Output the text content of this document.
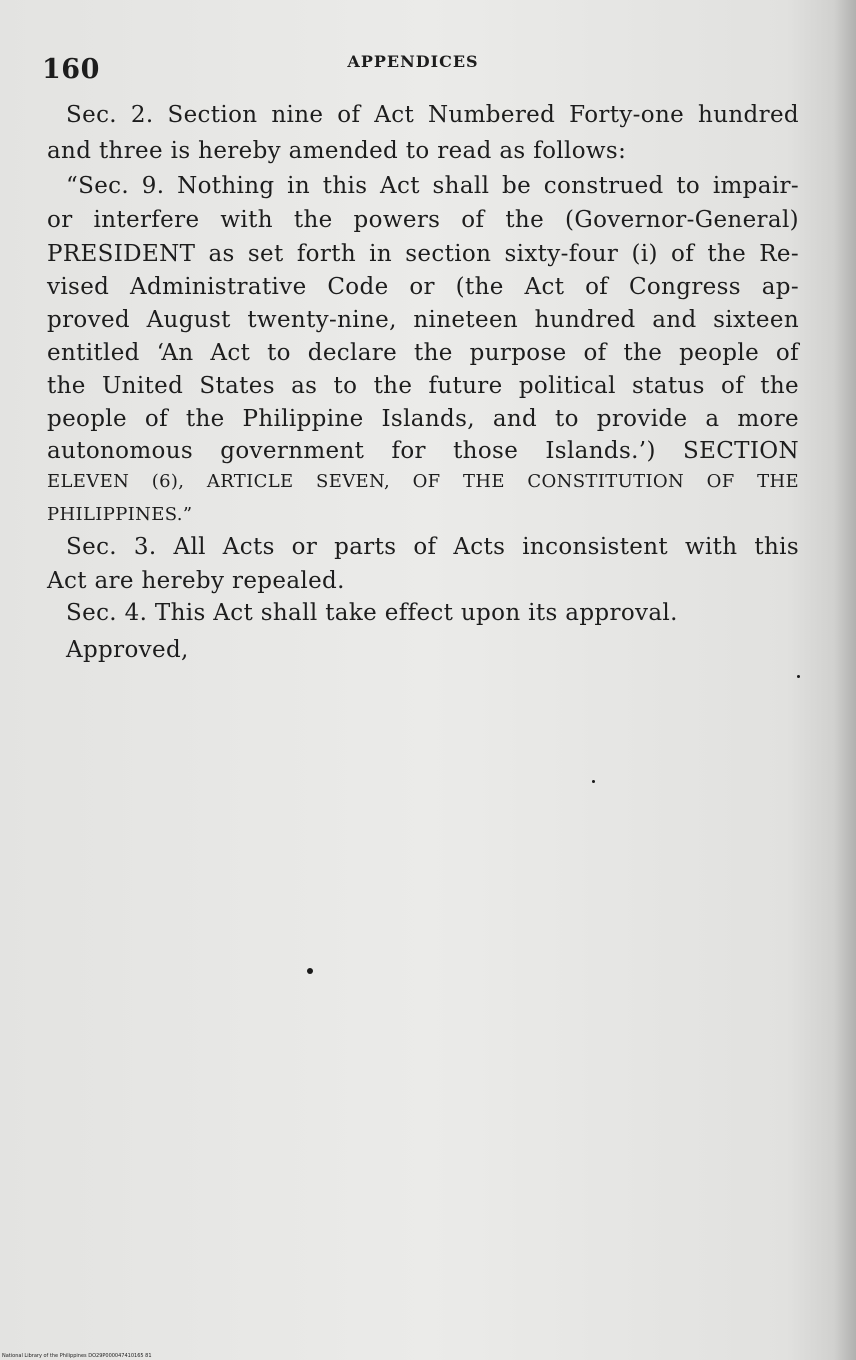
160	APPENDICES
Sec. 2. Section nine of Act Numbered Forty-one hundred
and three is hereby amended to read as follows:
“Sec. 9. Nothing in this Act shall be construed to impair-
or interfere with the powers of the (Governor-General)
PRESIDENT as set forth in section sixty-four (i) of the Re-
vised Administrative Code or (the Act of Congress ap-
proved August twenty-nine, nineteen hundred and sixteen
entitled ‘An Act to declare the purpose of the people of
the United States as to the future political status of the
people of the Philippine Islands, and to provide a more
autonomous government for those Islands.’) SECTION
ELEVEN (6), ARTICLE SEVEN, OF THE CONSTITUTION OF THE
PHILIPPINES.”
Sec. 3. All Acts or parts of Acts inconsistent with this
Act are hereby repealed.
Sec. 4. This Act shall take effect upon its approval.
Approved,
National Library of the Philippines DO29P000047410165 81
